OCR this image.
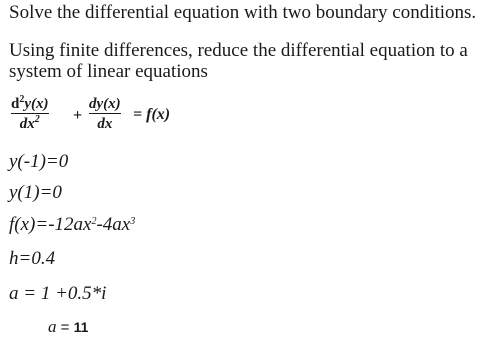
Solve the differential equation with two boundary conditions.
Using finite differences, reduce the differential equation to a
system of linear equations
$\frac{d^2y(x)}{dx^2} + \frac{dy(x)}{dx} = f(x)$
y(-1)=0
y(1)=0
$f(x)=-12ax^2-4ax^3$
h=0.4
a = 1 +0.5*i
a = 11
